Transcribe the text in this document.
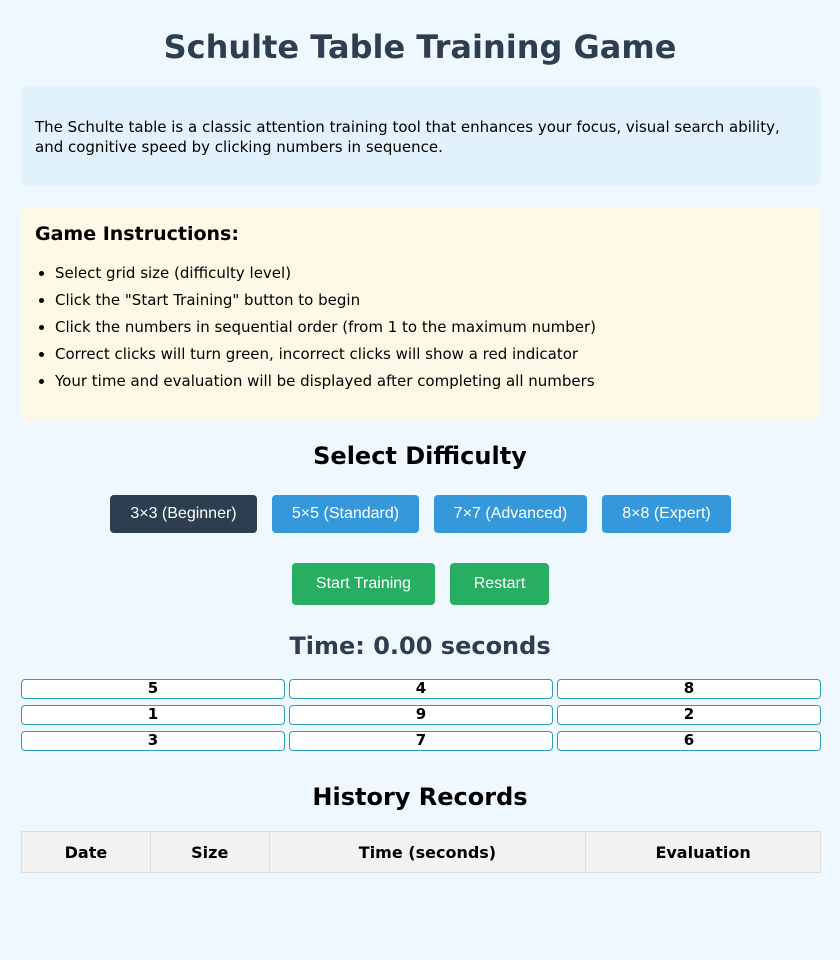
Schulte Table Training Game
The Schulte table is a classic attention training tool that enhances your focus, visual search ability, and cognitive speed by clicking numbers in sequence.
Game Instructions:
• Select grid size (difficulty level)
• Click the "Start Training" button to begin
• Click the numbers in sequential order (from 1 to the maximum number)
• Correct clicks will turn green, incorrect clicks will show a red indicator
• Your time and evaluation will be displayed after completing all numbers
Select Difficulty
3×3 (Beginner)	5×5 (Standard)	7×7 (Advanced)	8×8 (Expert)
Start Training	Restart
Time: 0.00 seconds
5	4	8
1	9	2
3	7	6
History Records
Date	Size	Time (seconds)	Evaluation
